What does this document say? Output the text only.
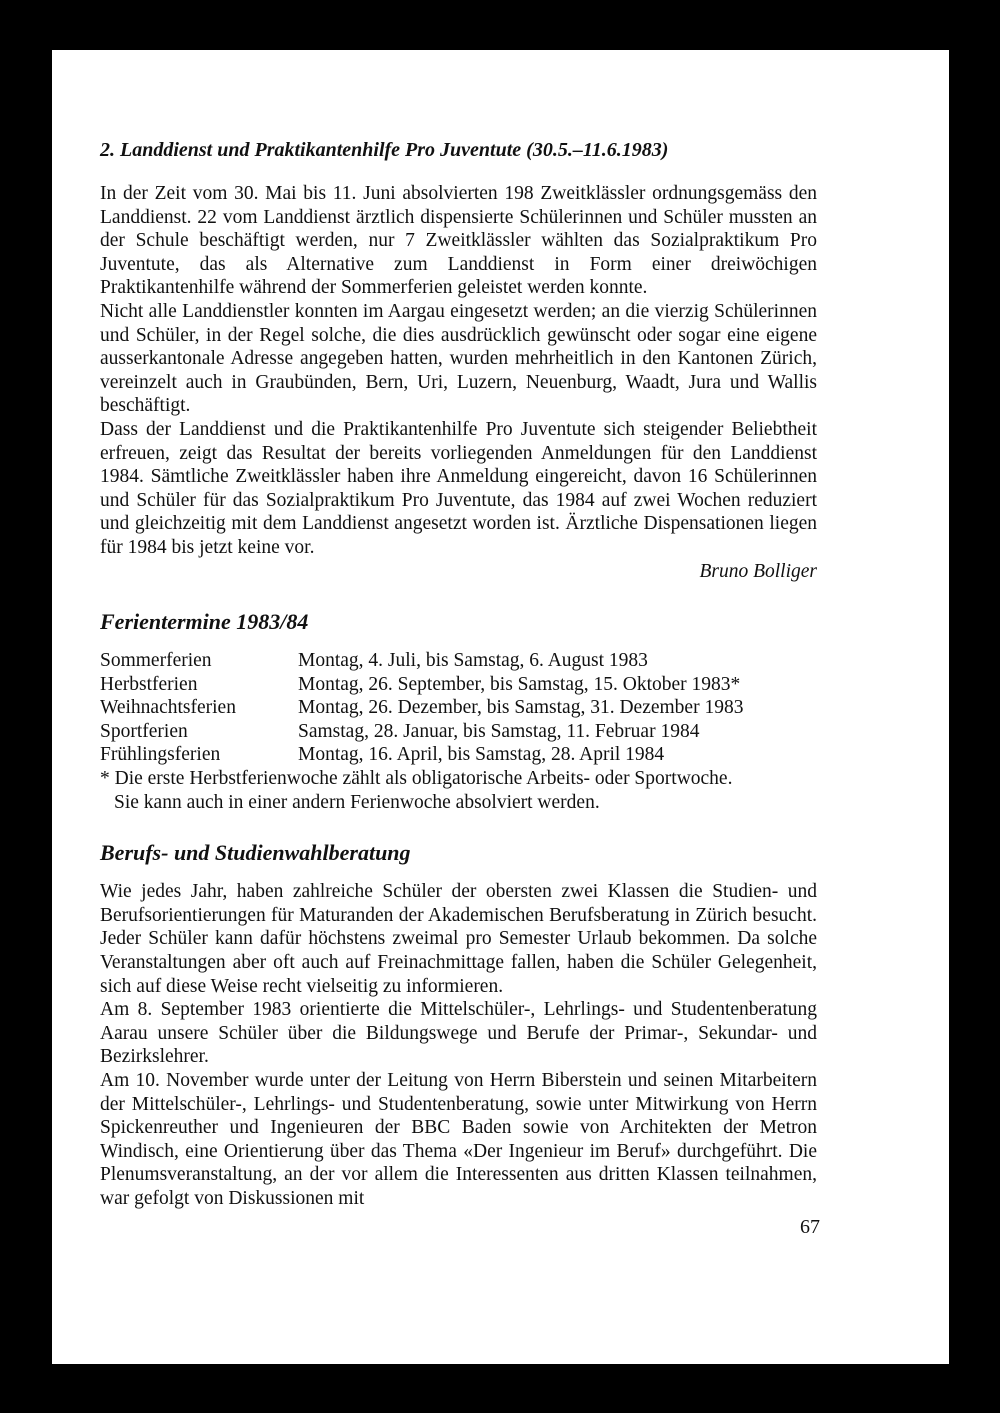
2. Landdienst und Praktikantenhilfe Pro Juventute (30.5.–11.6.1983)

In der Zeit vom 30. Mai bis 11. Juni absolvierten 198 Zweitklässler ordnungsgemäss den Landdienst. 22 vom Landdienst ärztlich dispensierte Schülerinnen und Schüler mussten an der Schule beschäftigt werden, nur 7 Zweitklässler wählten das Sozialpraktikum Pro Juventute, das als Alternative zum Landdienst in Form einer dreiwöchigen Praktikantenhilfe während der Sommerferien geleistet werden konnte.

Nicht alle Landdienstler konnten im Aargau eingesetzt werden; an die vierzig Schülerinnen und Schüler, in der Regel solche, die dies ausdrücklich gewünscht oder sogar eine eigene ausserkantonale Adresse angegeben hatten, wurden mehrheitlich in den Kantonen Zürich, vereinzelt auch in Graubünden, Bern, Uri, Luzern, Neuenburg, Waadt, Jura und Wallis beschäftigt.

Dass der Landdienst und die Praktikantenhilfe Pro Juventute sich steigender Beliebtheit erfreuen, zeigt das Resultat der bereits vorliegenden Anmeldungen für den Landdienst 1984. Sämtliche Zweitklässler haben ihre Anmeldung eingereicht, davon 16 Schülerinnen und Schüler für das Sozialpraktikum Pro Juventute, das 1984 auf zwei Wochen reduziert und gleichzeitig mit dem Landdienst angesetzt worden ist. Ärztliche Dispensationen liegen für 1984 bis jetzt keine vor.

Bruno Bolliger

Ferientermine 1983/84
Sommerferien	Montag, 4. Juli, bis Samstag, 6. August 1983
Herbstferien	Montag, 26. September, bis Samstag, 15. Oktober 1983*
Weihnachtsferien	Montag, 26. Dezember, bis Samstag, 31. Dezember 1983
Sportferien	Samstag, 28. Januar, bis Samstag, 11. Februar 1984
Frühlingsferien	Montag, 16. April, bis Samstag, 28. April 1984
* Die erste Herbstferienwoche zählt als obligatorische Arbeits- oder Sportwoche.
Sie kann auch in einer andern Ferienwoche absolviert werden.
Berufs- und Studienwahlberatung

Wie jedes Jahr, haben zahlreiche Schüler der obersten zwei Klassen die Studien- und Berufsorientierungen für Maturanden der Akademischen Berufsberatung in Zürich besucht. Jeder Schüler kann dafür höchstens zweimal pro Semester Urlaub bekommen. Da solche Veranstaltungen aber oft auch auf Freinachmittage fallen, haben die Schüler Gelegenheit, sich auf diese Weise recht vielseitig zu informieren.

Am 8. September 1983 orientierte die Mittelschüler-, Lehrlings- und Studentenberatung Aarau unsere Schüler über die Bildungswege und Berufe der Primar-, Sekundar- und Bezirkslehrer.

Am 10. November wurde unter der Leitung von Herrn Biberstein und seinen Mitarbeitern der Mittelschüler-, Lehrlings- und Studentenberatung, sowie unter Mitwirkung von Herrn Spickenreuther und Ingenieuren der BBC Baden sowie von Architekten der Metron Windisch, eine Orientierung über das Thema «Der Ingenieur im Beruf» durchgeführt. Die Plenumsveranstaltung, an der vor allem die Interessenten aus dritten Klassen teilnahmen, war gefolgt von Diskussionen mit

67
